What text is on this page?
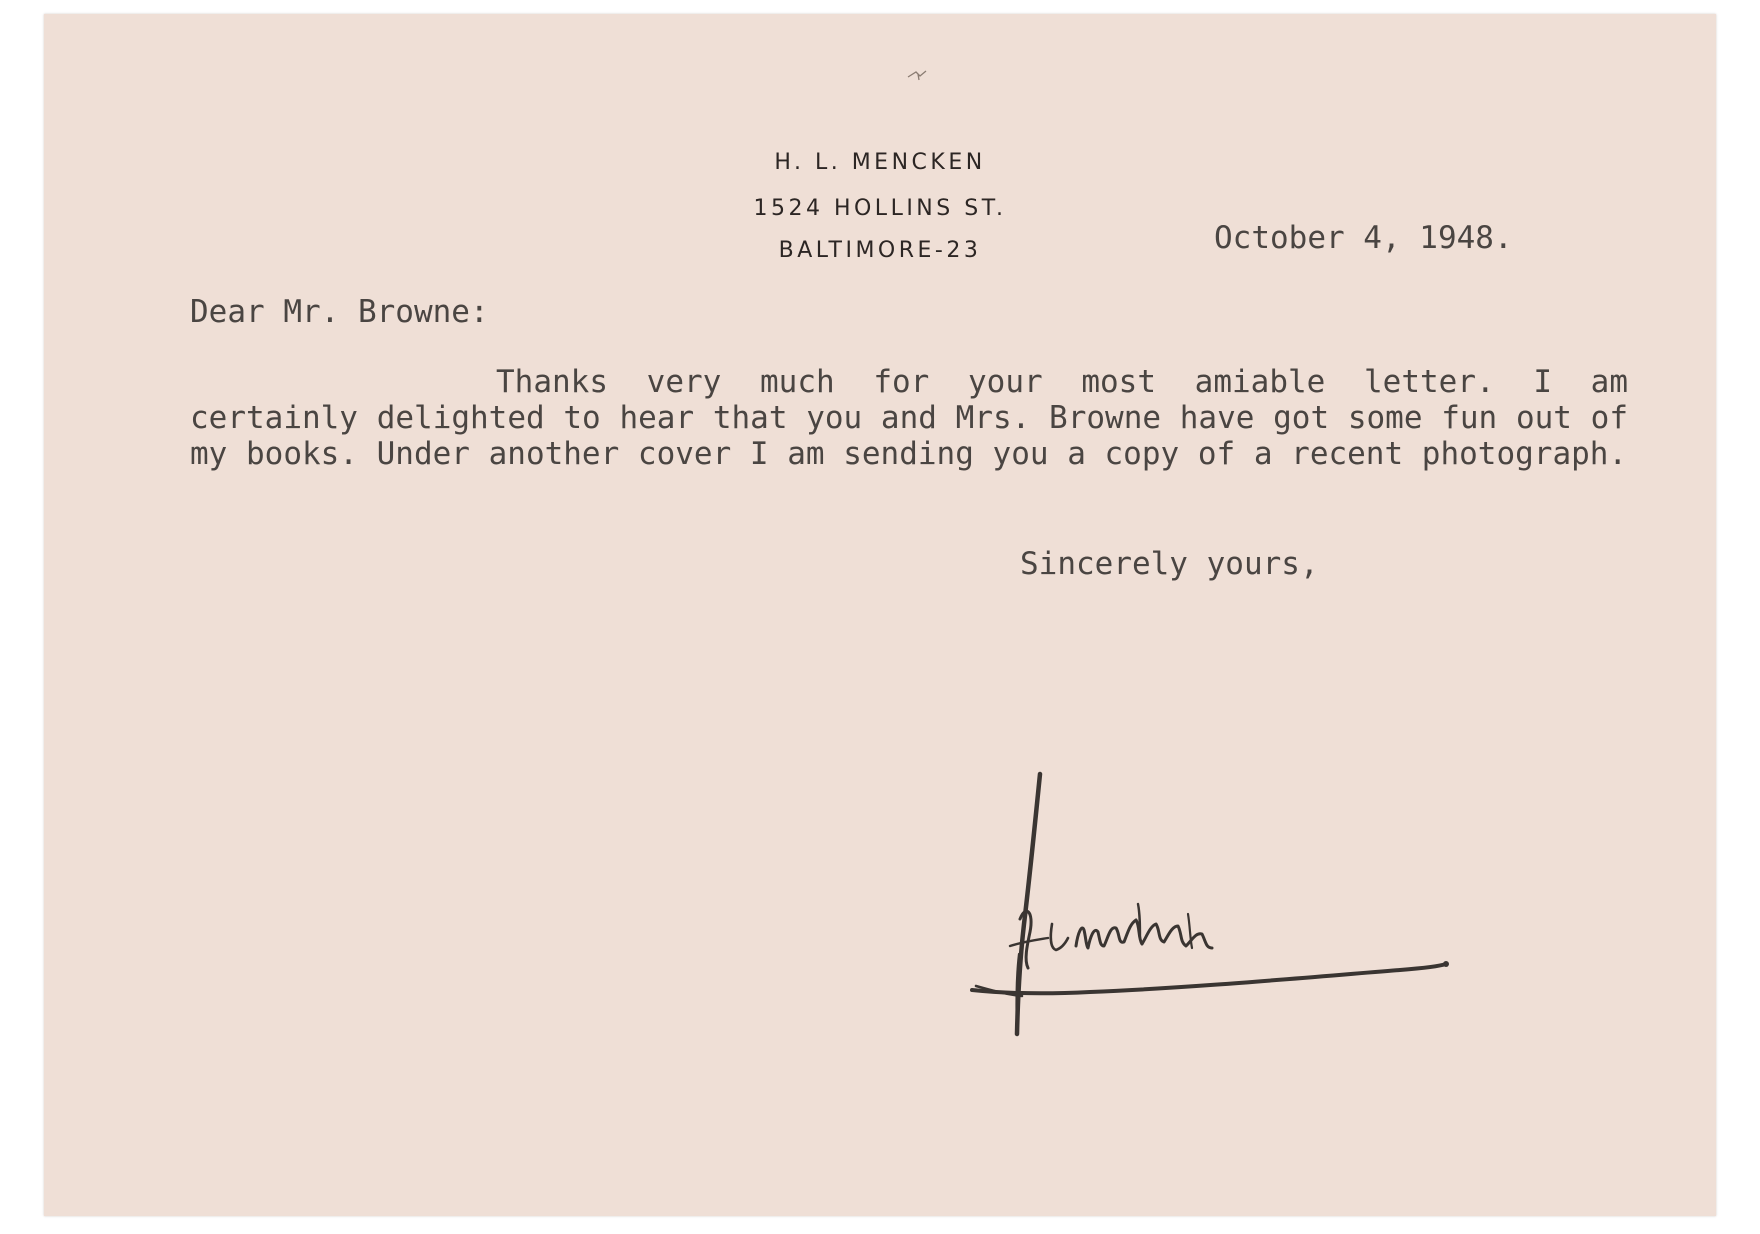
H. L. MENCKEN

1524 HOLLINS ST.

BALTIMORE-23	October 4, 1948.

Dear Mr. Browne:

Thanks very much for your most amiable letter. I am certainly delighted to hear that you and Mrs. Browne have got some fun out of my books. Under another cover I am sending you a copy of a recent photograph.

Sincerely yours,
